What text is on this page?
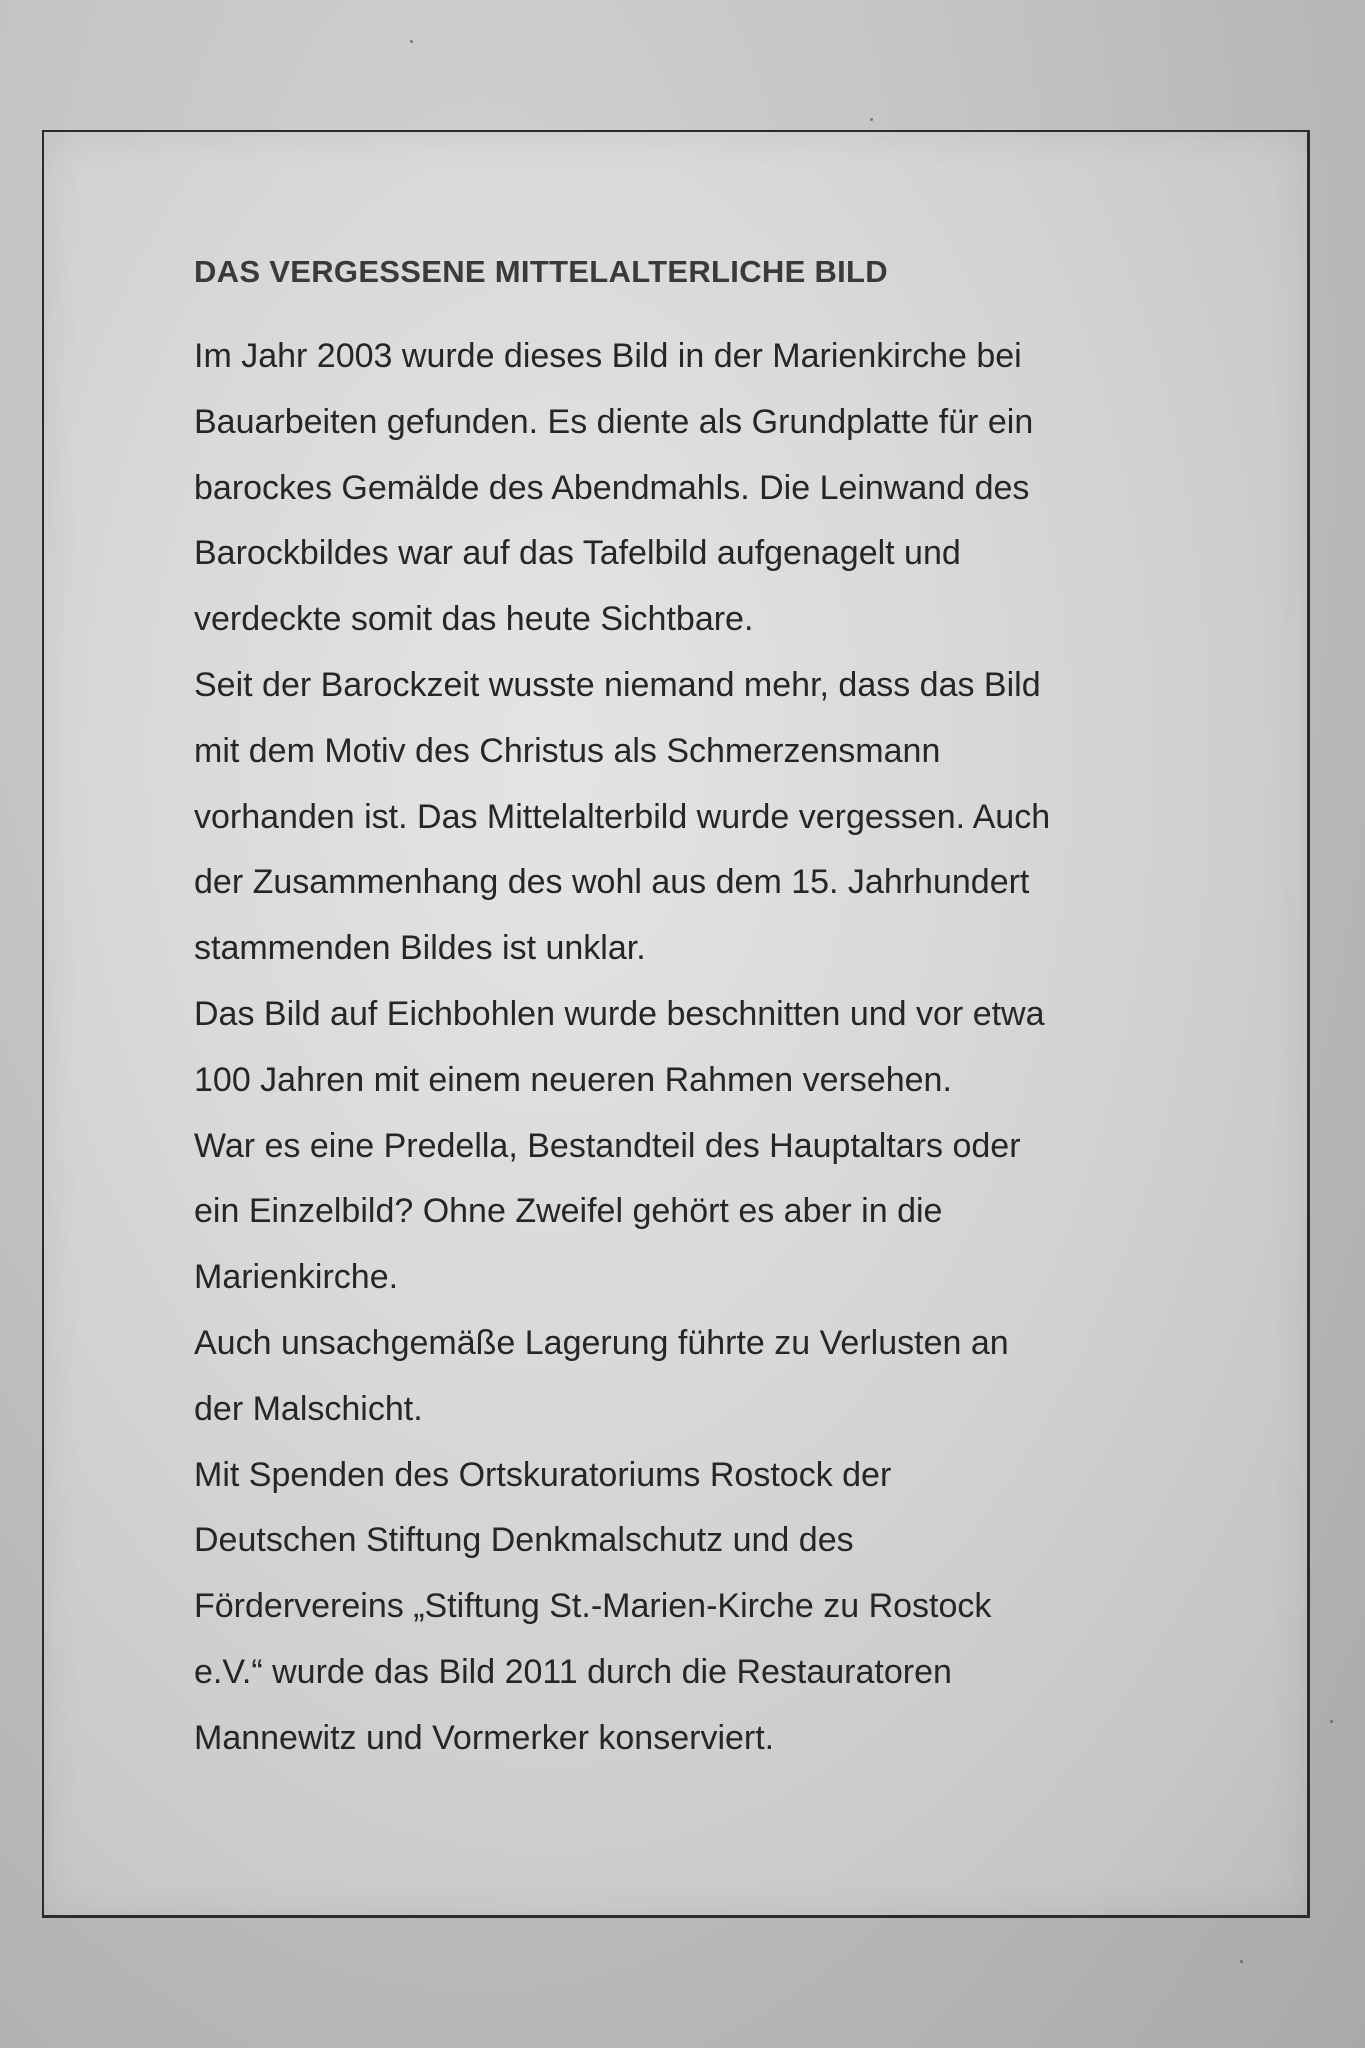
DAS VERGESSENE MITTELALTERLICHE BILD
Im Jahr 2003 wurde dieses Bild in der Marienkirche bei
Bauarbeiten gefunden. Es diente als Grundplatte für ein
barockes Gemälde des Abendmahls. Die Leinwand des
Barockbildes war auf das Tafelbild aufgenagelt und
verdeckte somit das heute Sichtbare.
Seit der Barockzeit wusste niemand mehr, dass das Bild
mit dem Motiv des Christus als Schmerzensmann
vorhanden ist. Das Mittelalterbild wurde vergessen. Auch
der Zusammenhang des wohl aus dem 15. Jahrhundert
stammenden Bildes ist unklar.
Das Bild auf Eichbohlen wurde beschnitten und vor etwa
100 Jahren mit einem neueren Rahmen versehen.
War es eine Predella, Bestandteil des Hauptaltars oder
ein Einzelbild? Ohne Zweifel gehört es aber in die
Marienkirche.
Auch unsachgemäße Lagerung führte zu Verlusten an
der Malschicht.
Mit Spenden des Ortskuratoriums Rostock der
Deutschen Stiftung Denkmalschutz und des
Fördervereins „Stiftung St.-Marien-Kirche zu Rostock
e.V.“ wurde das Bild 2011 durch die Restauratoren
Mannewitz und Vormerker konserviert.
